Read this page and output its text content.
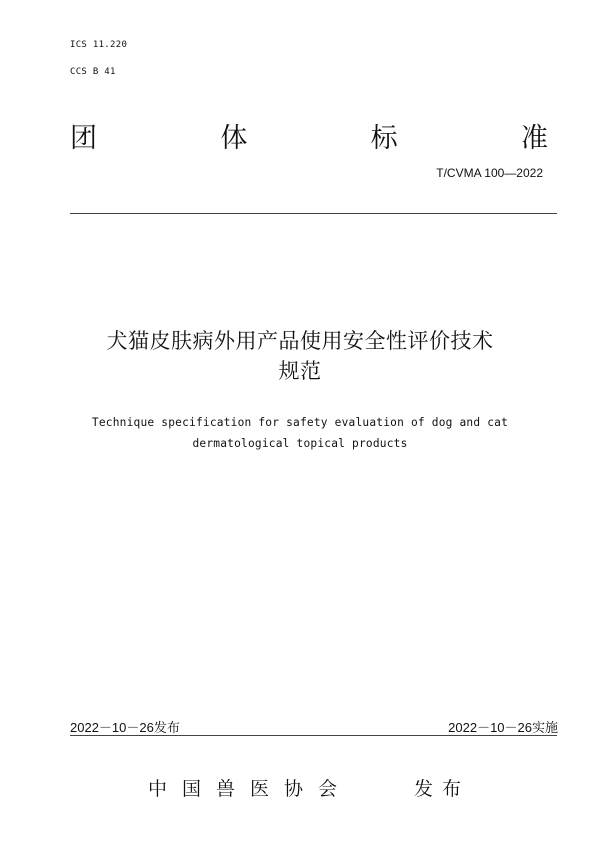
ICS 11.220
CCS B 41
团	体	标	准
T/CVMA 100—2022
犬猫皮肤病外用产品使用安全性评价技术
规范
Technique specification for safety evaluation of dog and cat
dermatological topical products
2022－10－26发布	2022－10－26实施
中国兽医协会	发布
